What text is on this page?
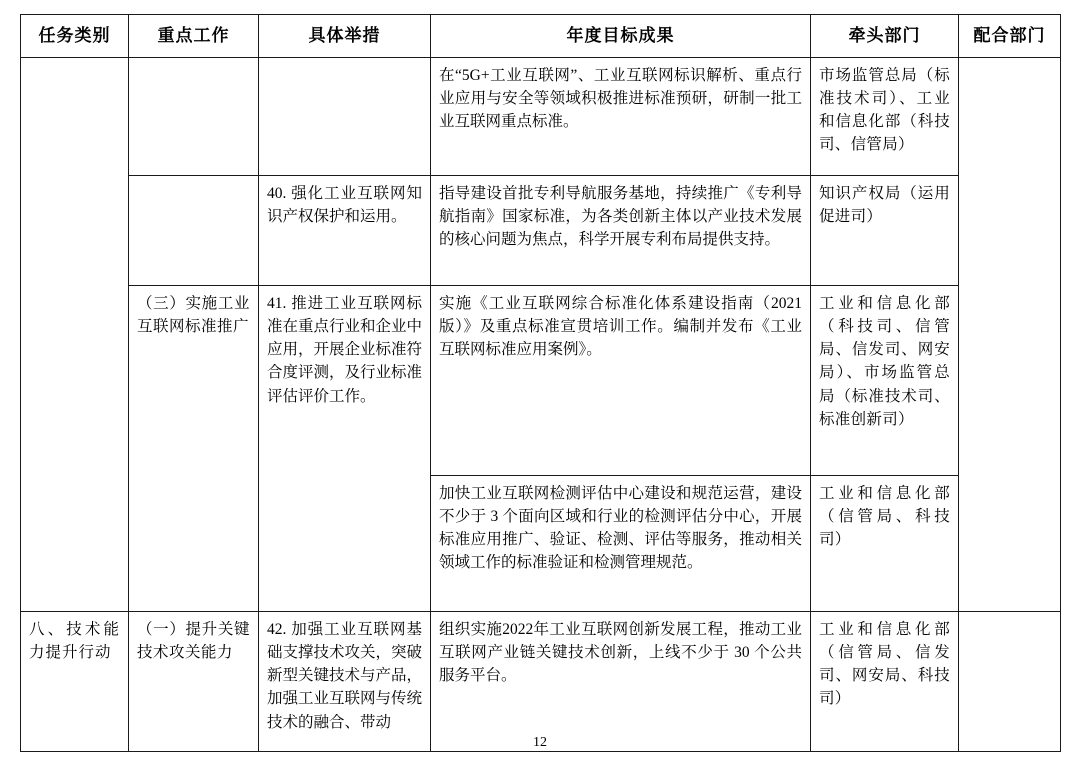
任务类别	重点工作	具体举措	年度目标成果	牵头部门	配合部门
			在“5G+工业互联网”、工业互联网标识解析、重点行业应用与安全等领域积极推进标准预研，研制一批工业互联网重点标准。	市场监管总局（标准技术司）、工业和信息化部（科技司、信管局）	
		40. 强化工业互联网知识产权保护和运用。	指导建设首批专利导航服务基地，持续推广《专利导航指南》国家标准，为各类创新主体以产业技术发展的核心问题为焦点，科学开展专利布局提供支持。	知识产权局（运用促进司）	
	（三）实施工业互联网标准推广	41. 推进工业互联网标准在重点行业和企业中应用，开展企业标准符合度评测，及行业标准评估评价工作。	实施《工业互联网综合标准化体系建设指南（2021版）》及重点标准宣贯培训工作。编制并发布《工业互联网标准应用案例》。	工业和信息化部（科技司、信管局、信发司、网安局）、市场监管总局（标准技术司、标准创新司）	
			加快工业互联网检测评估中心建设和规范运营，建设不少于 3 个面向区域和行业的检测评估分中心，开展标准应用推广、验证、检测、评估等服务，推动相关领域工作的标准验证和检测管理规范。	工业和信息化部（信管局、科技司）	
八、技术能力提升行动	（一）提升关键技术攻关能力	42. 加强工业互联网基础支撑技术攻关，突破新型关键技术与产品，加强工业互联网与传统技术的融合、带动	组织实施2022年工业互联网创新发展工程，推动工业互联网产业链关键技术创新，上线不少于 30 个公共服务平台。	工业和信息化部（信管局、信发司、网安局、科技司）	
12
